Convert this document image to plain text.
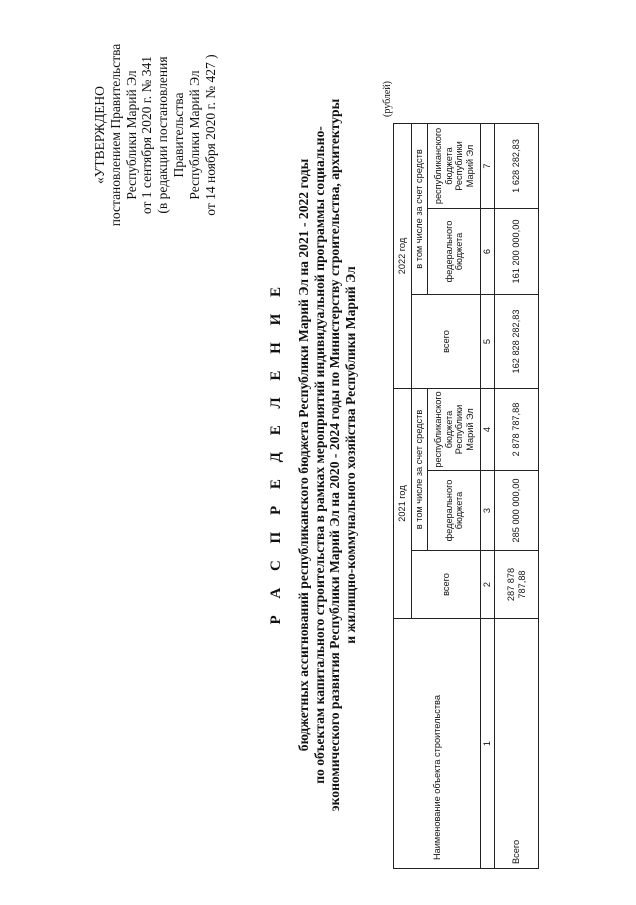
«УТВЕРЖДЕНО постановлением Правительства Республики Марий Эл от 1 сентября 2020 г. № 341 (в редакции постановления Правительства Республики Марий Эл от 14 ноября 2020 г. № 427 )
Р А С П Р Е Д Е Л Е Н И Е бюджетных ассигнований республиканского бюджета Республики Марий Эл на 2021 - 2022 годы по объектам капитального строительства в рамках мероприятий индивидуальной программы социально- экономического развития Республики Марий Эл на 2020 - 2024 годы по Министерству строительства, архитектуры и жилищно-коммунального хозяйства Республики Марий Эл
(рублей)
Наименование объекта строительства	2021 год			2022 год		
	всего	в том числе за счет средств		всего	в том числе за счет средств	
		федерального бюджета	республиканского бюджета Республики Марий Эл		федерального бюджета	республиканского бюджета Республики Марий Эл
1	2	3	4	5	6	7
Всего	287 878 787,88	285 000 000,00	2 878 787,88	162 828 282,83	161 200 000,00	1 628 282,83
